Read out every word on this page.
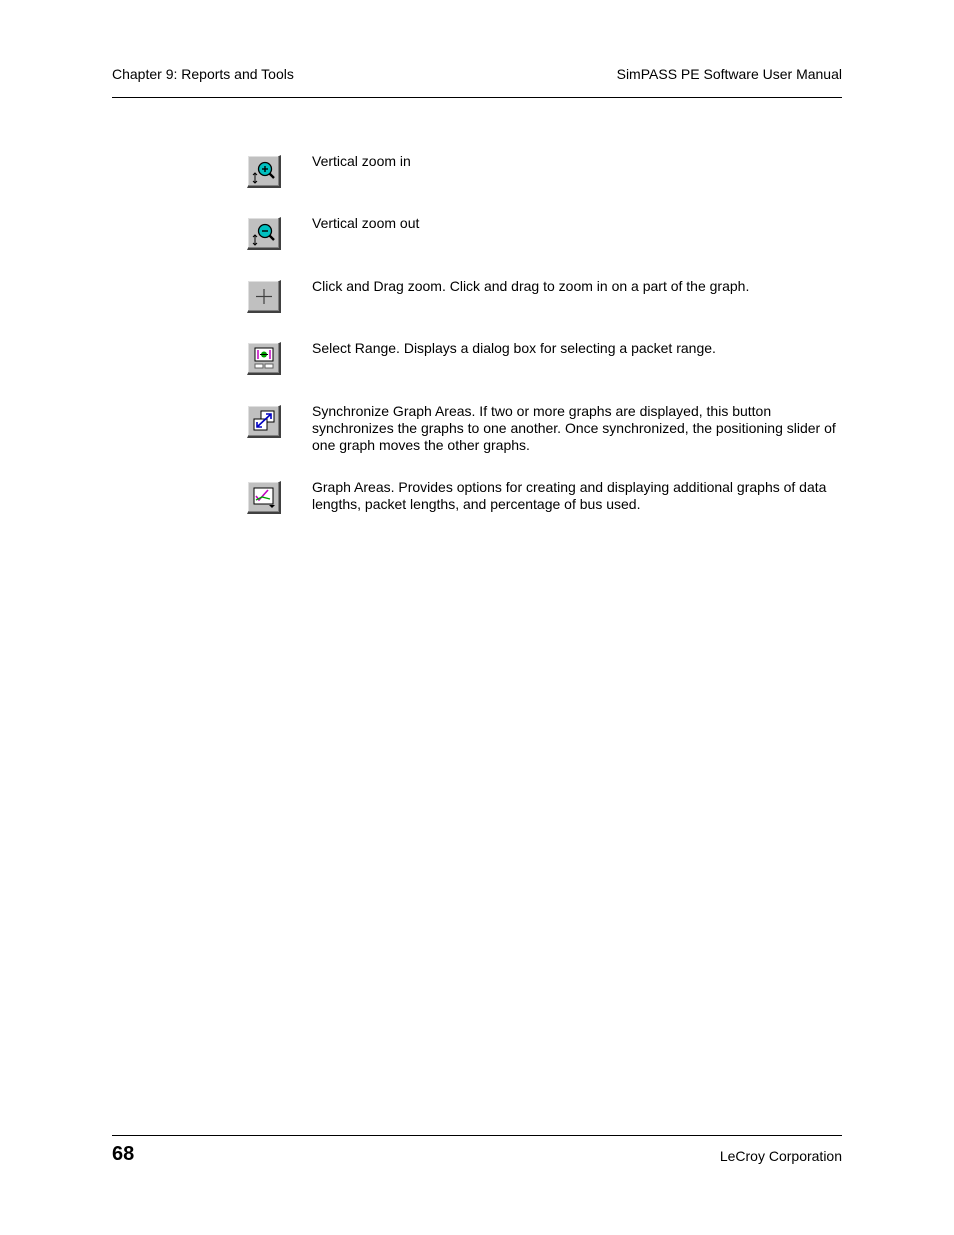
Chapter 9: Reports and Tools	SimPASS PE Software User Manual
Vertical zoom in
Vertical zoom out
Click and Drag zoom. Click and drag to zoom in on a part of the graph.
Select Range. Displays a dialog box for selecting a packet range.
Synchronize Graph Areas. If two or more graphs are displayed, this button synchronizes the graphs to one another. Once synchronized, the positioning slider of one graph moves the other graphs.
Graph Areas. Provides options for creating and displaying additional graphs of data lengths, packet lengths, and percentage of bus used.
68	LeCroy Corporation
